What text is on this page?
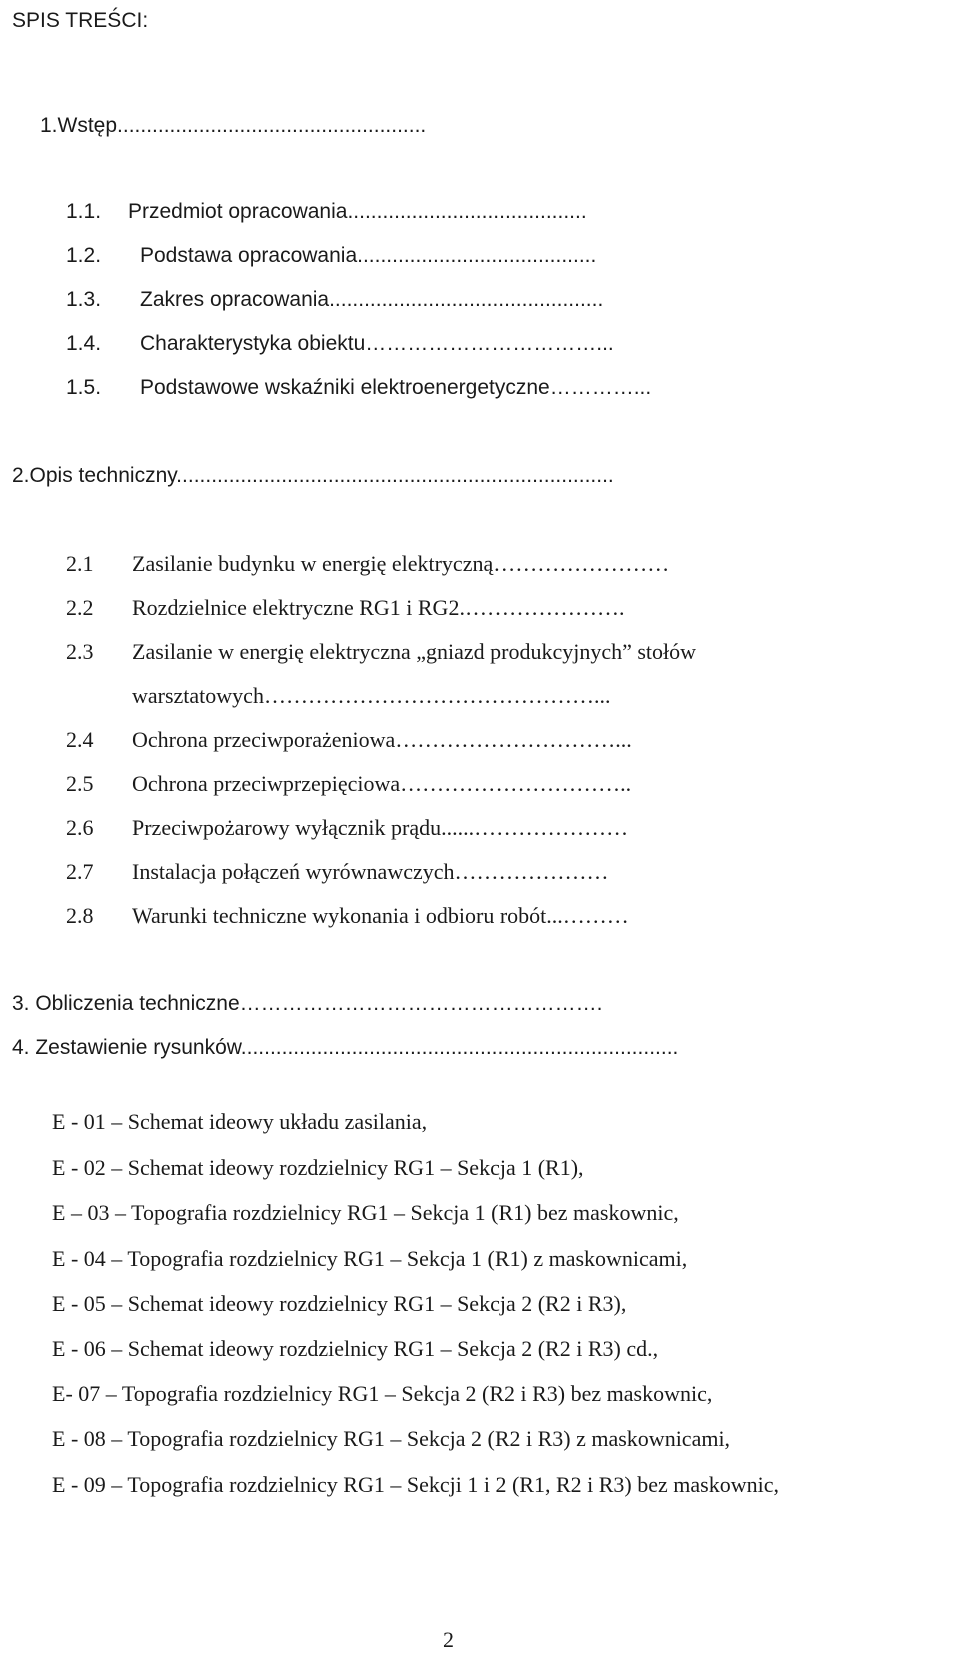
SPIS TREŚCI:
1.Wstęp.....................................................
1.1. Przedmiot opracowania.........................................
1.2. Podstawa opracowania.........................................
1.3. Zakres opracowania...............................................
1.4. Charakterystyka obiektu……………………………...
1.5. Podstawowe wskaźniki elektroenergetyczne…………...
2.Opis techniczny...........................................................................
2.1 Zasilanie budynku w energię elektryczną……………………
2.2 Rozdzielnice elektryczne RG1 i RG2.………………….
2.3 Zasilanie w energię elektryczna „gniazd produkcyjnych” stołów
warsztatowych………………………………………...
2.4 Ochrona przeciwporażeniowa…………………………...
2.5 Ochrona przeciwprzepięciowa…………………………..
2.6 Przeciwpożarowy wyłącznik prądu......…………………
2.7 Instalacja połączeń wyrównawczych…………………
2.8 Warunki techniczne wykonania i odbioru robót...………
3. Obliczenia techniczne…………………………………………….
4. Zestawienie rysunków...........................................................................
E - 01 – Schemat ideowy układu zasilania,
E - 02 – Schemat ideowy rozdzielnicy RG1 – Sekcja 1 (R1),
E – 03 – Topografia rozdzielnicy RG1 – Sekcja 1 (R1) bez maskownic,
E - 04 – Topografia rozdzielnicy RG1 – Sekcja 1 (R1) z maskownicami,
E - 05 – Schemat ideowy rozdzielnicy RG1 – Sekcja 2 (R2 i R3),
E - 06 – Schemat ideowy rozdzielnicy RG1 – Sekcja 2 (R2 i R3) cd.,
E- 07 – Topografia rozdzielnicy RG1 – Sekcja 2 (R2 i R3) bez maskownic,
E - 08 – Topografia rozdzielnicy RG1 – Sekcja 2 (R2 i R3) z maskownicami,
E - 09 – Topografia rozdzielnicy RG1 – Sekcji 1 i 2 (R1, R2 i R3) bez maskownic,
2
